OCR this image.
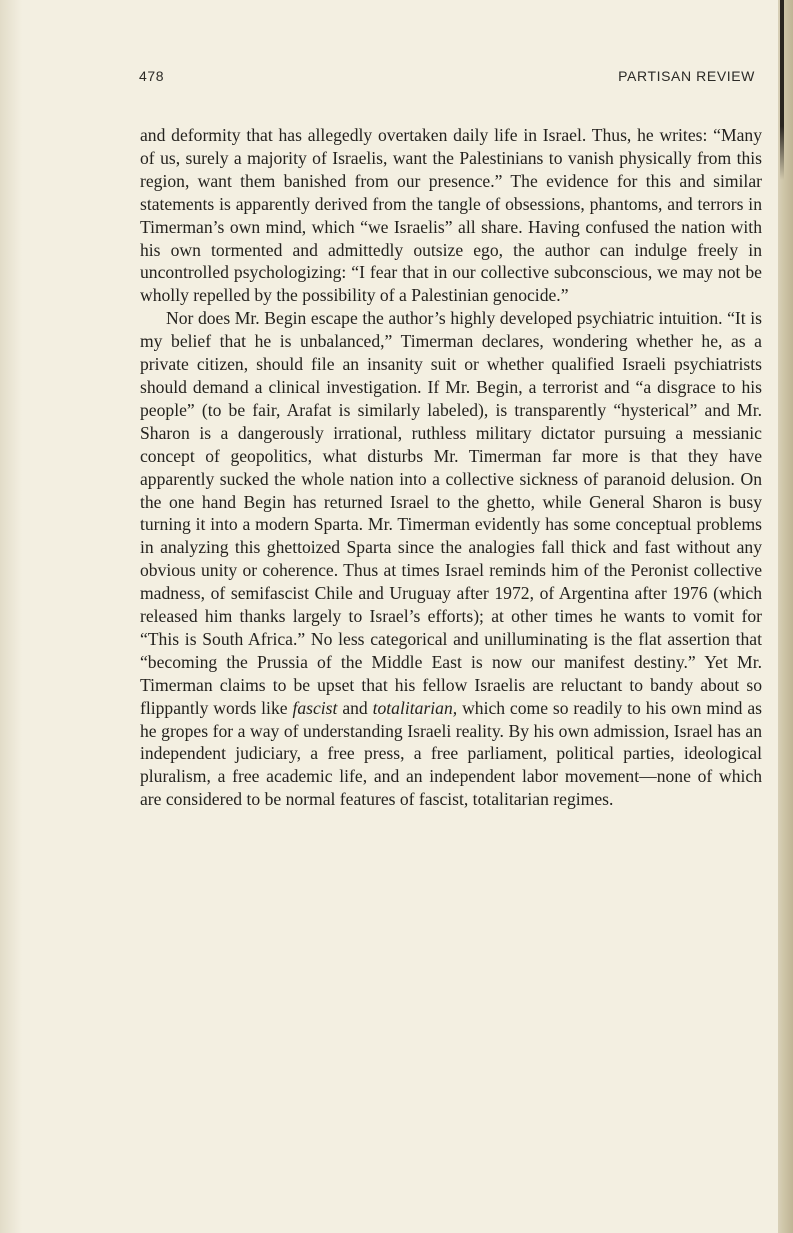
478	PARTISAN REVIEW

and deformity that has allegedly overtaken daily life in Israel. Thus, he writes: “Many of us, surely a majority of Israelis, want the Palestinians to vanish physically from this region, want them banished from our presence.” The evidence for this and similar statements is apparently derived from the tangle of obsessions, phantoms, and terrors in Timerman’s own mind, which “we Israelis” all share. Having confused the nation with his own tormented and admittedly outsize ego, the author can indulge freely in uncontrolled psychologizing: “I fear that in our collective subconscious, we may not be wholly repelled by the possibility of a Palestinian genocide.”

Nor does Mr. Begin escape the author’s highly developed psychiatric intuition. “It is my belief that he is unbalanced,” Timerman declares, wondering whether he, as a private citizen, should file an insanity suit or whether qualified Israeli psychiatrists should demand a clinical investigation. If Mr. Begin, a terrorist and “a disgrace to his people” (to be fair, Arafat is similarly labeled), is transparently “hysterical” and Mr. Sharon is a dangerously irrational, ruthless military dictator pursuing a messianic concept of geopolitics, what disturbs Mr. Timerman far more is that they have apparently sucked the whole nation into a collective sickness of paranoid delusion. On the one hand Begin has returned Israel to the ghetto, while General Sharon is busy turning it into a modern Sparta. Mr. Timerman evidently has some conceptual problems in analyzing this ghettoized Sparta since the analogies fall thick and fast without any obvious unity or coherence. Thus at times Israel reminds him of the Peronist collective madness, of semifascist Chile and Uruguay after 1972, of Argentina after 1976 (which released him thanks largely to Israel’s efforts); at other times he wants to vomit for “This is South Africa.” No less categorical and unilluminating is the flat assertion that “becoming the Prussia of the Middle East is now our manifest destiny.” Yet Mr. Timerman claims to be upset that his fellow Israelis are reluctant to bandy about so flippantly words like fascist and totalitarian, which come so readily to his own mind as he gropes for a way of understanding Israeli reality. By his own admission, Israel has an independent judiciary, a free press, a free parliament, political parties, ideological pluralism, a free academic life, and an independent labor movement—none of which are considered to be normal features of fascist, totalitarian regimes.
